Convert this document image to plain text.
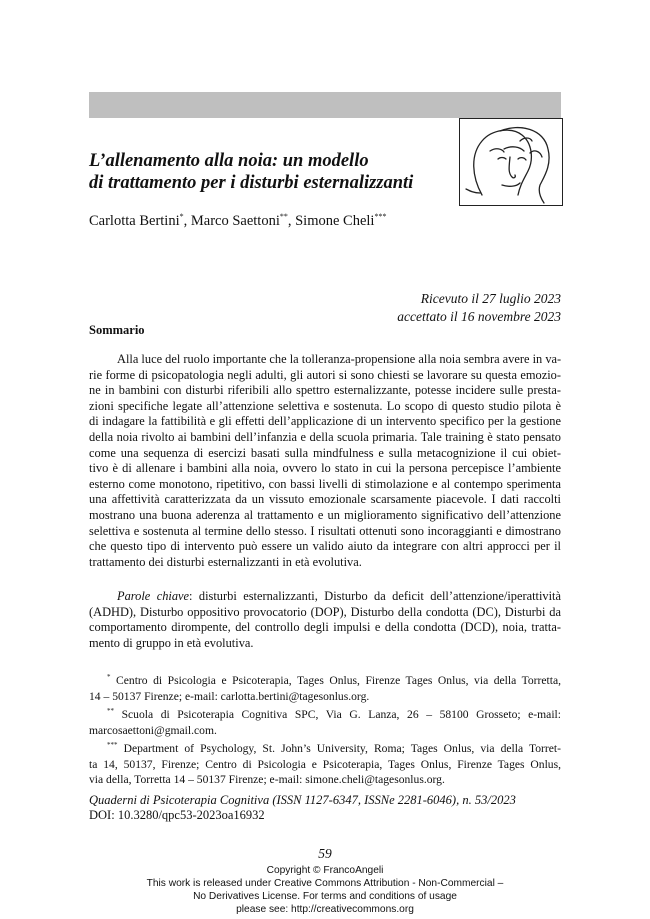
L’allenamento alla noia: un modello
di trattamento per i disturbi esternalizzanti
Carlotta Bertini*, Marco Saettoni**, Simone Cheli***
Ricevuto il 27 luglio 2023
accettato il 16 novembre 2023
Sommario
Alla luce del ruolo importante che la tolleranza-propensione alla noia sembra avere in va-
rie forme di psicopatologia negli adulti, gli autori si sono chiesti se lavorare su questa emozio-
ne in bambini con disturbi riferibili allo spettro esternalizzante, potesse incidere sulle presta-
zioni specifiche legate all’attenzione selettiva e sostenuta. Lo scopo di questo studio pilota è
di indagare la fattibilità e gli effetti dell’applicazione di un intervento specifico per la gestione
della noia rivolto ai bambini dell’infanzia e della scuola primaria. Tale training è stato pensato
come una sequenza di esercizi basati sulla mindfulness e sulla metacognizione il cui obiet-
tivo è di allenare i bambini alla noia, ovvero lo stato in cui la persona percepisce l’ambiente
esterno come monotono, ripetitivo, con bassi livelli di stimolazione e al contempo sperimenta
una affettività caratterizzata da un vissuto emozionale scarsamente piacevole. I dati raccolti
mostrano una buona aderenza al trattamento e un miglioramento significativo dell’attenzione
selettiva e sostenuta al termine dello stesso. I risultati ottenuti sono incoraggianti e dimostrano
che questo tipo di intervento può essere un valido aiuto da integrare con altri approcci per il
trattamento dei disturbi esternalizzanti in età evolutiva.
Parole chiave: disturbi esternalizzanti, Disturbo da deficit dell’attenzione/iperattività
(ADHD), Disturbo oppositivo provocatorio (DOP), Disturbo della condotta (DC), Disturbi da
comportamento dirompente, del controllo degli impulsi e della condotta (DCD), noia, tratta-
mento di gruppo in età evolutiva.
* Centro di Psicologia e Psicoterapia, Tages Onlus, Firenze Tages Onlus, via della Torretta,
14 – 50137 Firenze; e-mail: carlotta.bertini@tagesonlus.org.
** Scuola di Psicoterapia Cognitiva SPC, Via G. Lanza, 26 – 58100 Grosseto; e-mail:
marcosaettoni@gmail.com.
*** Department of Psychology, St. John’s University, Roma; Tages Onlus, via della Torret-
ta 14, 50137, Firenze; Centro di Psicologia e Psicoterapia, Tages Onlus, Firenze Tages Onlus,
via della, Torretta 14 – 50137 Firenze; e-mail: simone.cheli@tagesonlus.org.
Quaderni di Psicoterapia Cognitiva (ISSN 1127-6347, ISSNe 2281-6046), n. 53/2023
DOI: 10.3280/qpc53-2023oa16932
59
Copyright © FrancoAngeli
This work is released under Creative Commons Attribution - Non-Commercial –
No Derivatives License. For terms and conditions of usage
please see: http://creativecommons.org
